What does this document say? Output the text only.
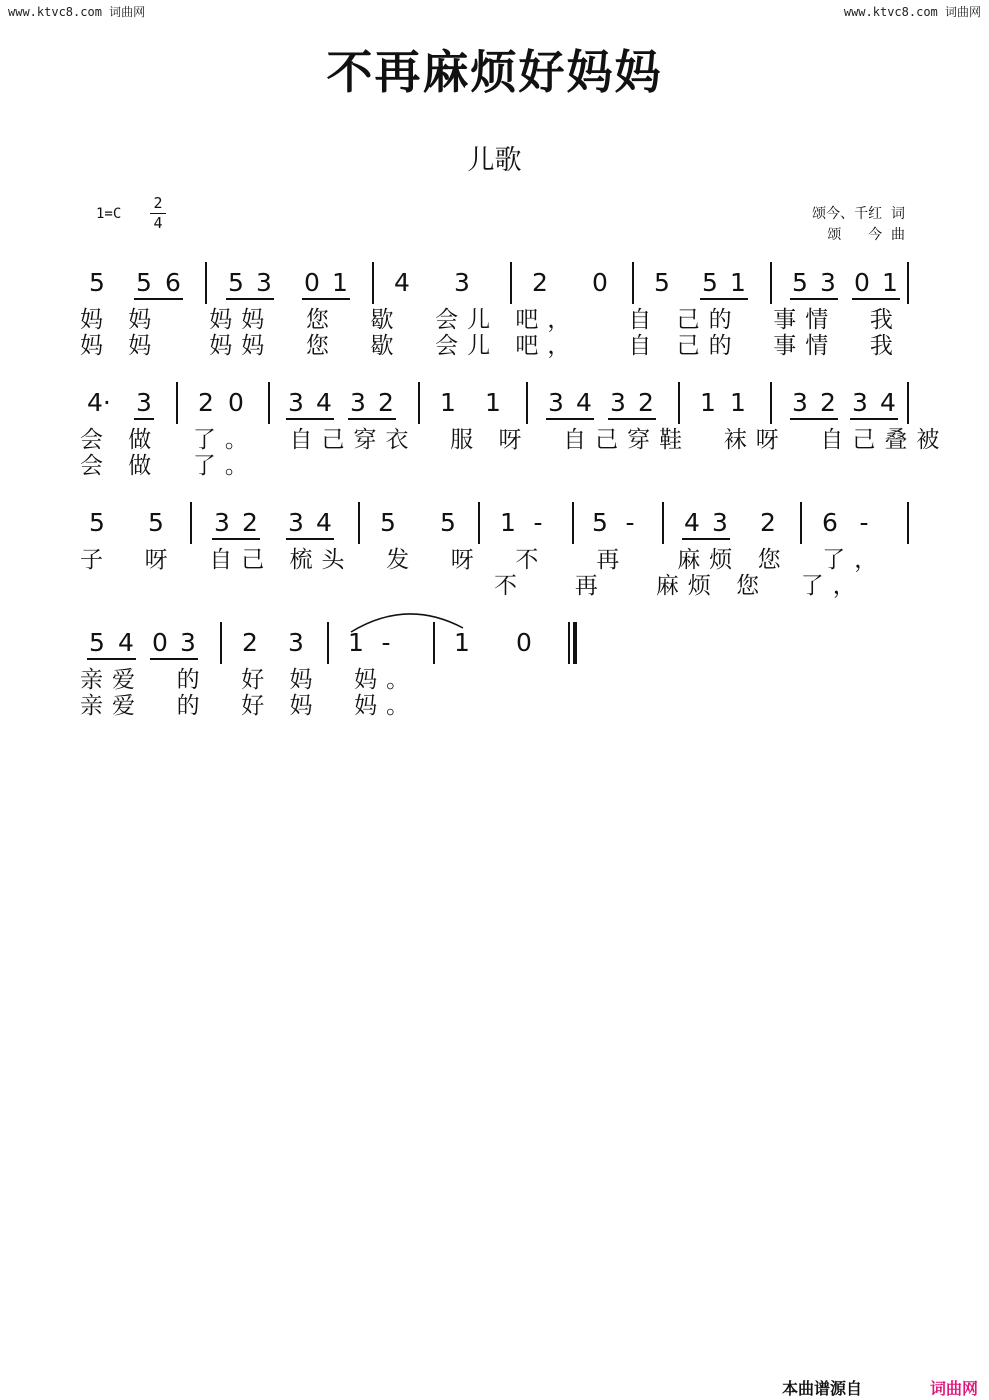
www.ktvc8.com 词曲网	www.ktvc8.com 词曲网
不再麻烦好妈妈
儿歌
1=C
2
4	颂今、千红  词
颂      今  曲
5 5 6 5 3 0 1 4 3 2 0 5 5 1 5 3 0 1
妈 妈   妈妈  您  歇  会儿 吧，   自 己的  事情  我
妈 妈   妈妈  您  歇  会儿 吧，   自 己的  事情  我
4· 3 2 0 3 4 3 2 1 1 3 4 3 2 1 1 3 2 3 4
会 做  了。  自己穿衣  服 呀  自己穿鞋  袜呀  自己叠被
会 做  了。
5 5 3 2 3 4 5 5 1 - 5 - 4 3 2 6 -
子  呀  自己 梳头  发  呀  不   再   麻烦 您  了，
不   再   麻烦 您  了，
5 4 0 3 2 3 1 -	1 0
亲爱  的  好 妈  妈。
亲爱  的  好 妈  妈。
本曲谱源自	词曲网
